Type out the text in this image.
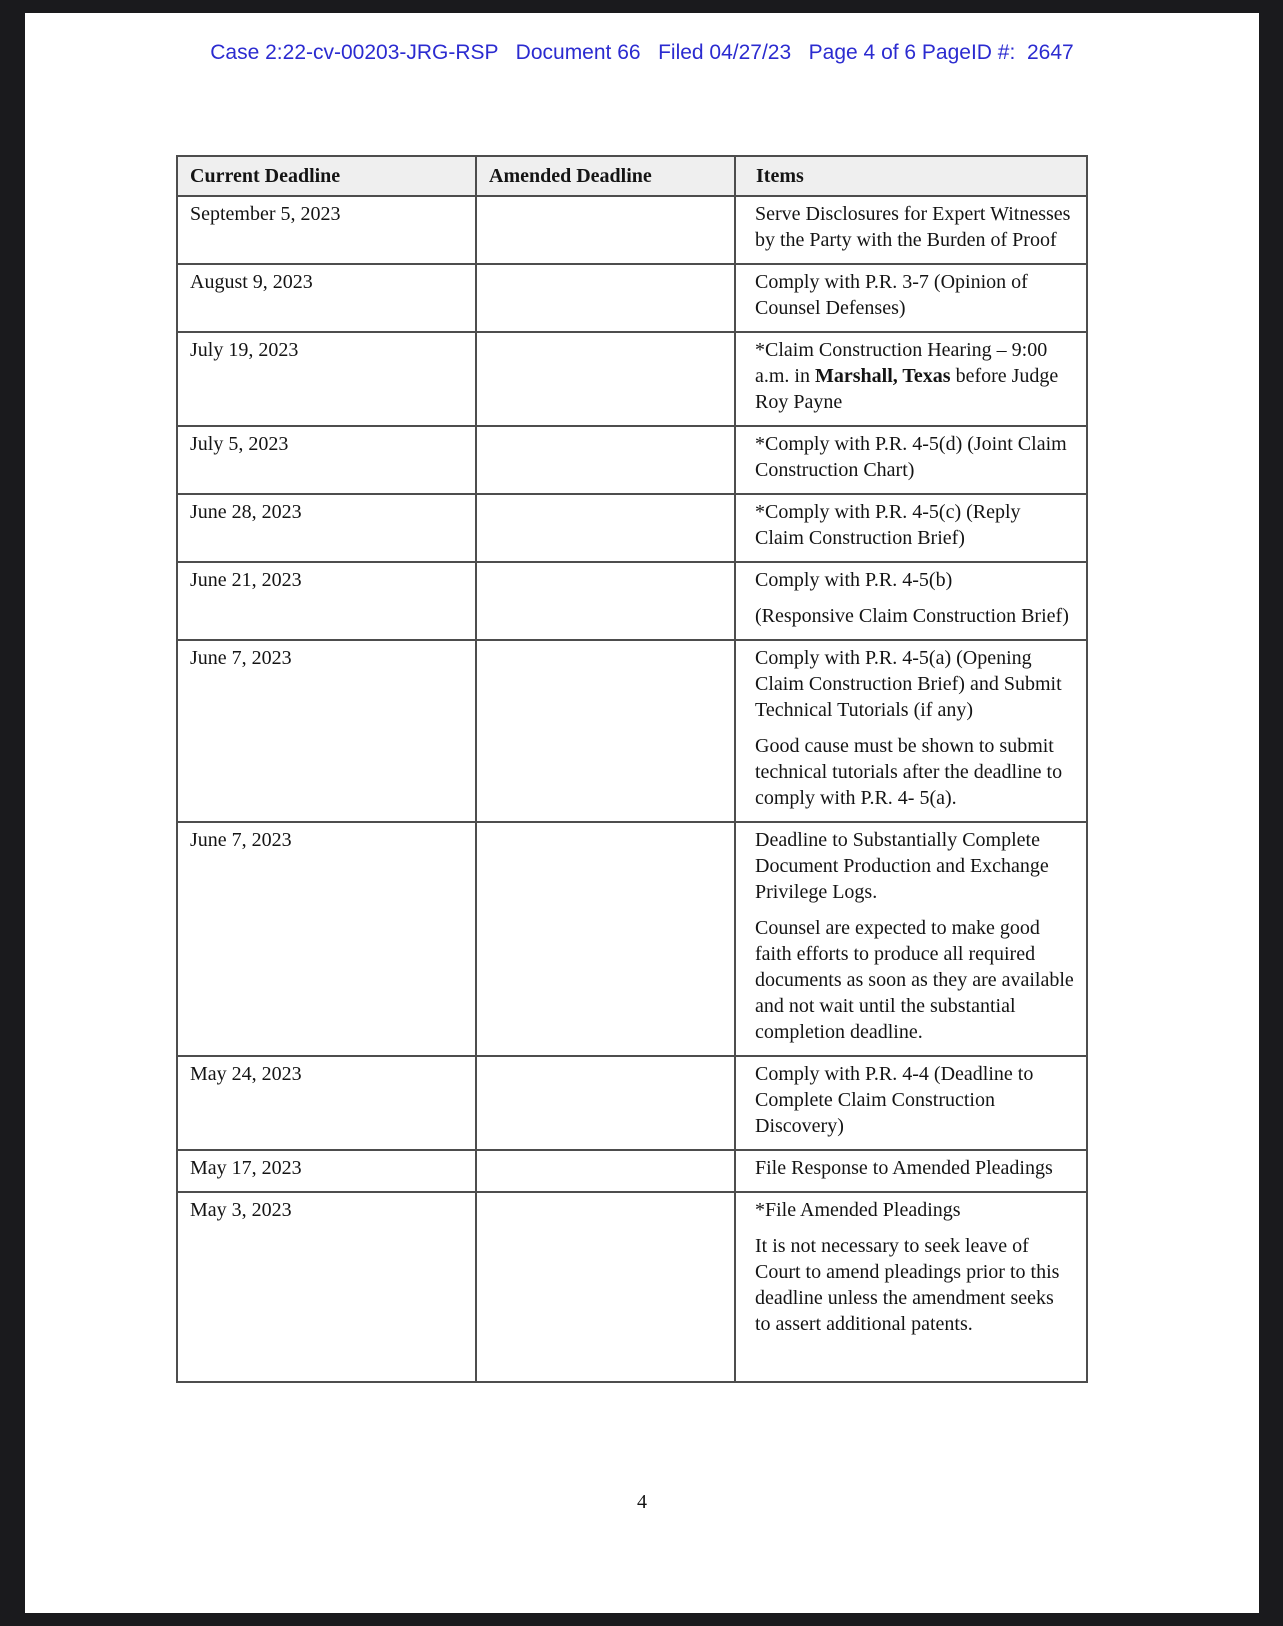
Case 2:22-cv-00203-JRG-RSP   Document 66   Filed 04/27/23   Page 4 of 6 PageID #:  2647
Current Deadline	Amended Deadline	Items
September 5, 2023		Serve Disclosures for Expert Witnesses by the Party with the Burden of Proof

August 9, 2023		Comply with P.R. 3-7 (Opinion of Counsel Defenses)

July 19, 2023		*Claim Construction Hearing – 9:00 a.m. in Marshall, Texas before Judge Roy Payne

July 5, 2023		*Comply with P.R. 4-5(d) (Joint Claim Construction Chart)

June 28, 2023		*Comply with P.R. 4-5(c) (Reply Claim Construction Brief)

June 21, 2023		Comply with P.R. 4-5(b)
(Responsive Claim Construction Brief)

June 7, 2023		Comply with P.R. 4-5(a) (Opening Claim Construction Brief) and Submit Technical Tutorials (if any)
Good cause must be shown to submit technical tutorials after the deadline to comply with P.R. 4- 5(a).

June 7, 2023		Deadline to Substantially Complete Document Production and Exchange Privilege Logs.
Counsel are expected to make good faith efforts to produce all required documents as soon as they are available and not wait until the substantial completion deadline.

May 24, 2023		Comply with P.R. 4-4 (Deadline to Complete Claim Construction Discovery)

May 17, 2023		File Response to Amended Pleadings

May 3, 2023		*File Amended Pleadings
It is not necessary to seek leave of Court to amend pleadings prior to this deadline unless the amendment seeks to assert additional patents.
4
